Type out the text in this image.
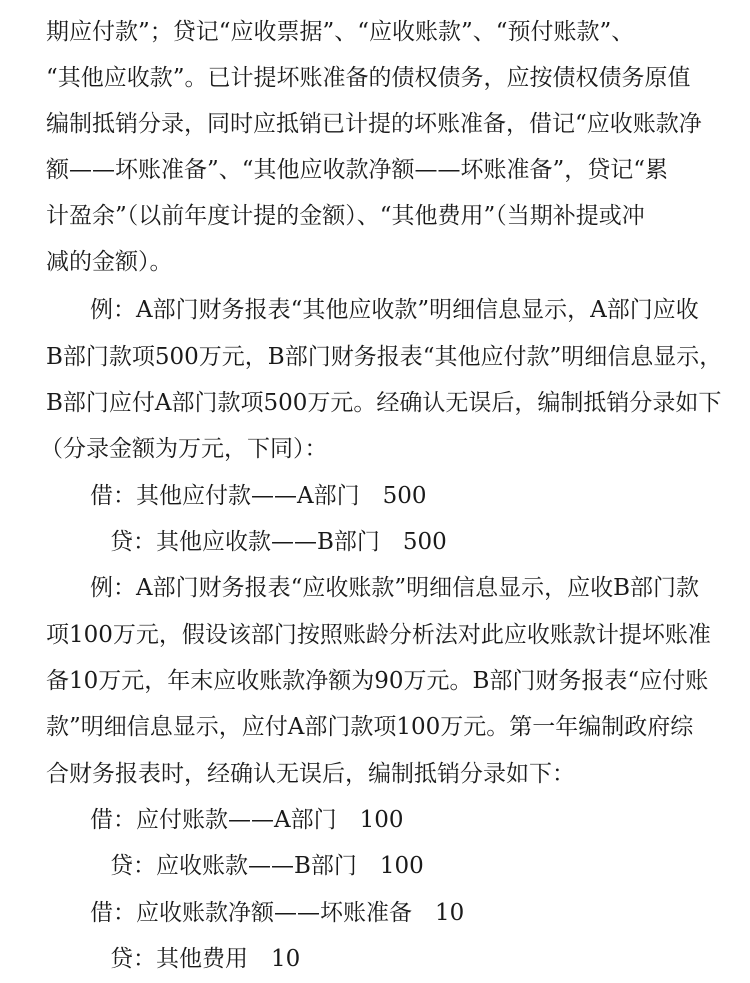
期应付款”；贷记“应收票据”、“应收账款”、“预付账款”、
“其他应收款”。已计提坏账准备的债权债务，应按债权债务原值
编制抵销分录，同时应抵销已计提的坏账准备，借记“应收账款净
额——坏账准备”、“其他应收款净额——坏账准备”，贷记“累
计盈余”（以前年度计提的金额）、“其他费用”（当期补提或冲
减的金额）。
例：A部门财务报表“其他应收款”明细信息显示，A部门应收
B部门款项500万元，B部门财务报表“其他应付款”明细信息显示，
B部门应付A部门款项500万元。经确认无误后，编制抵销分录如下
（分录金额为万元，下同）：
借：其他应付款——A部门　500
贷：其他应收款——B部门　500
例：A部门财务报表“应收账款”明细信息显示，应收B部门款
项100万元，假设该部门按照账龄分析法对此应收账款计提坏账准
备10万元，年末应收账款净额为90万元。B部门财务报表“应付账
款”明细信息显示，应付A部门款项100万元。第一年编制政府综
合财务报表时，经确认无误后，编制抵销分录如下：
借：应付账款——A部门　100
贷：应收账款——B部门　100
借：应收账款净额——坏账准备　10
贷：其他费用　10
